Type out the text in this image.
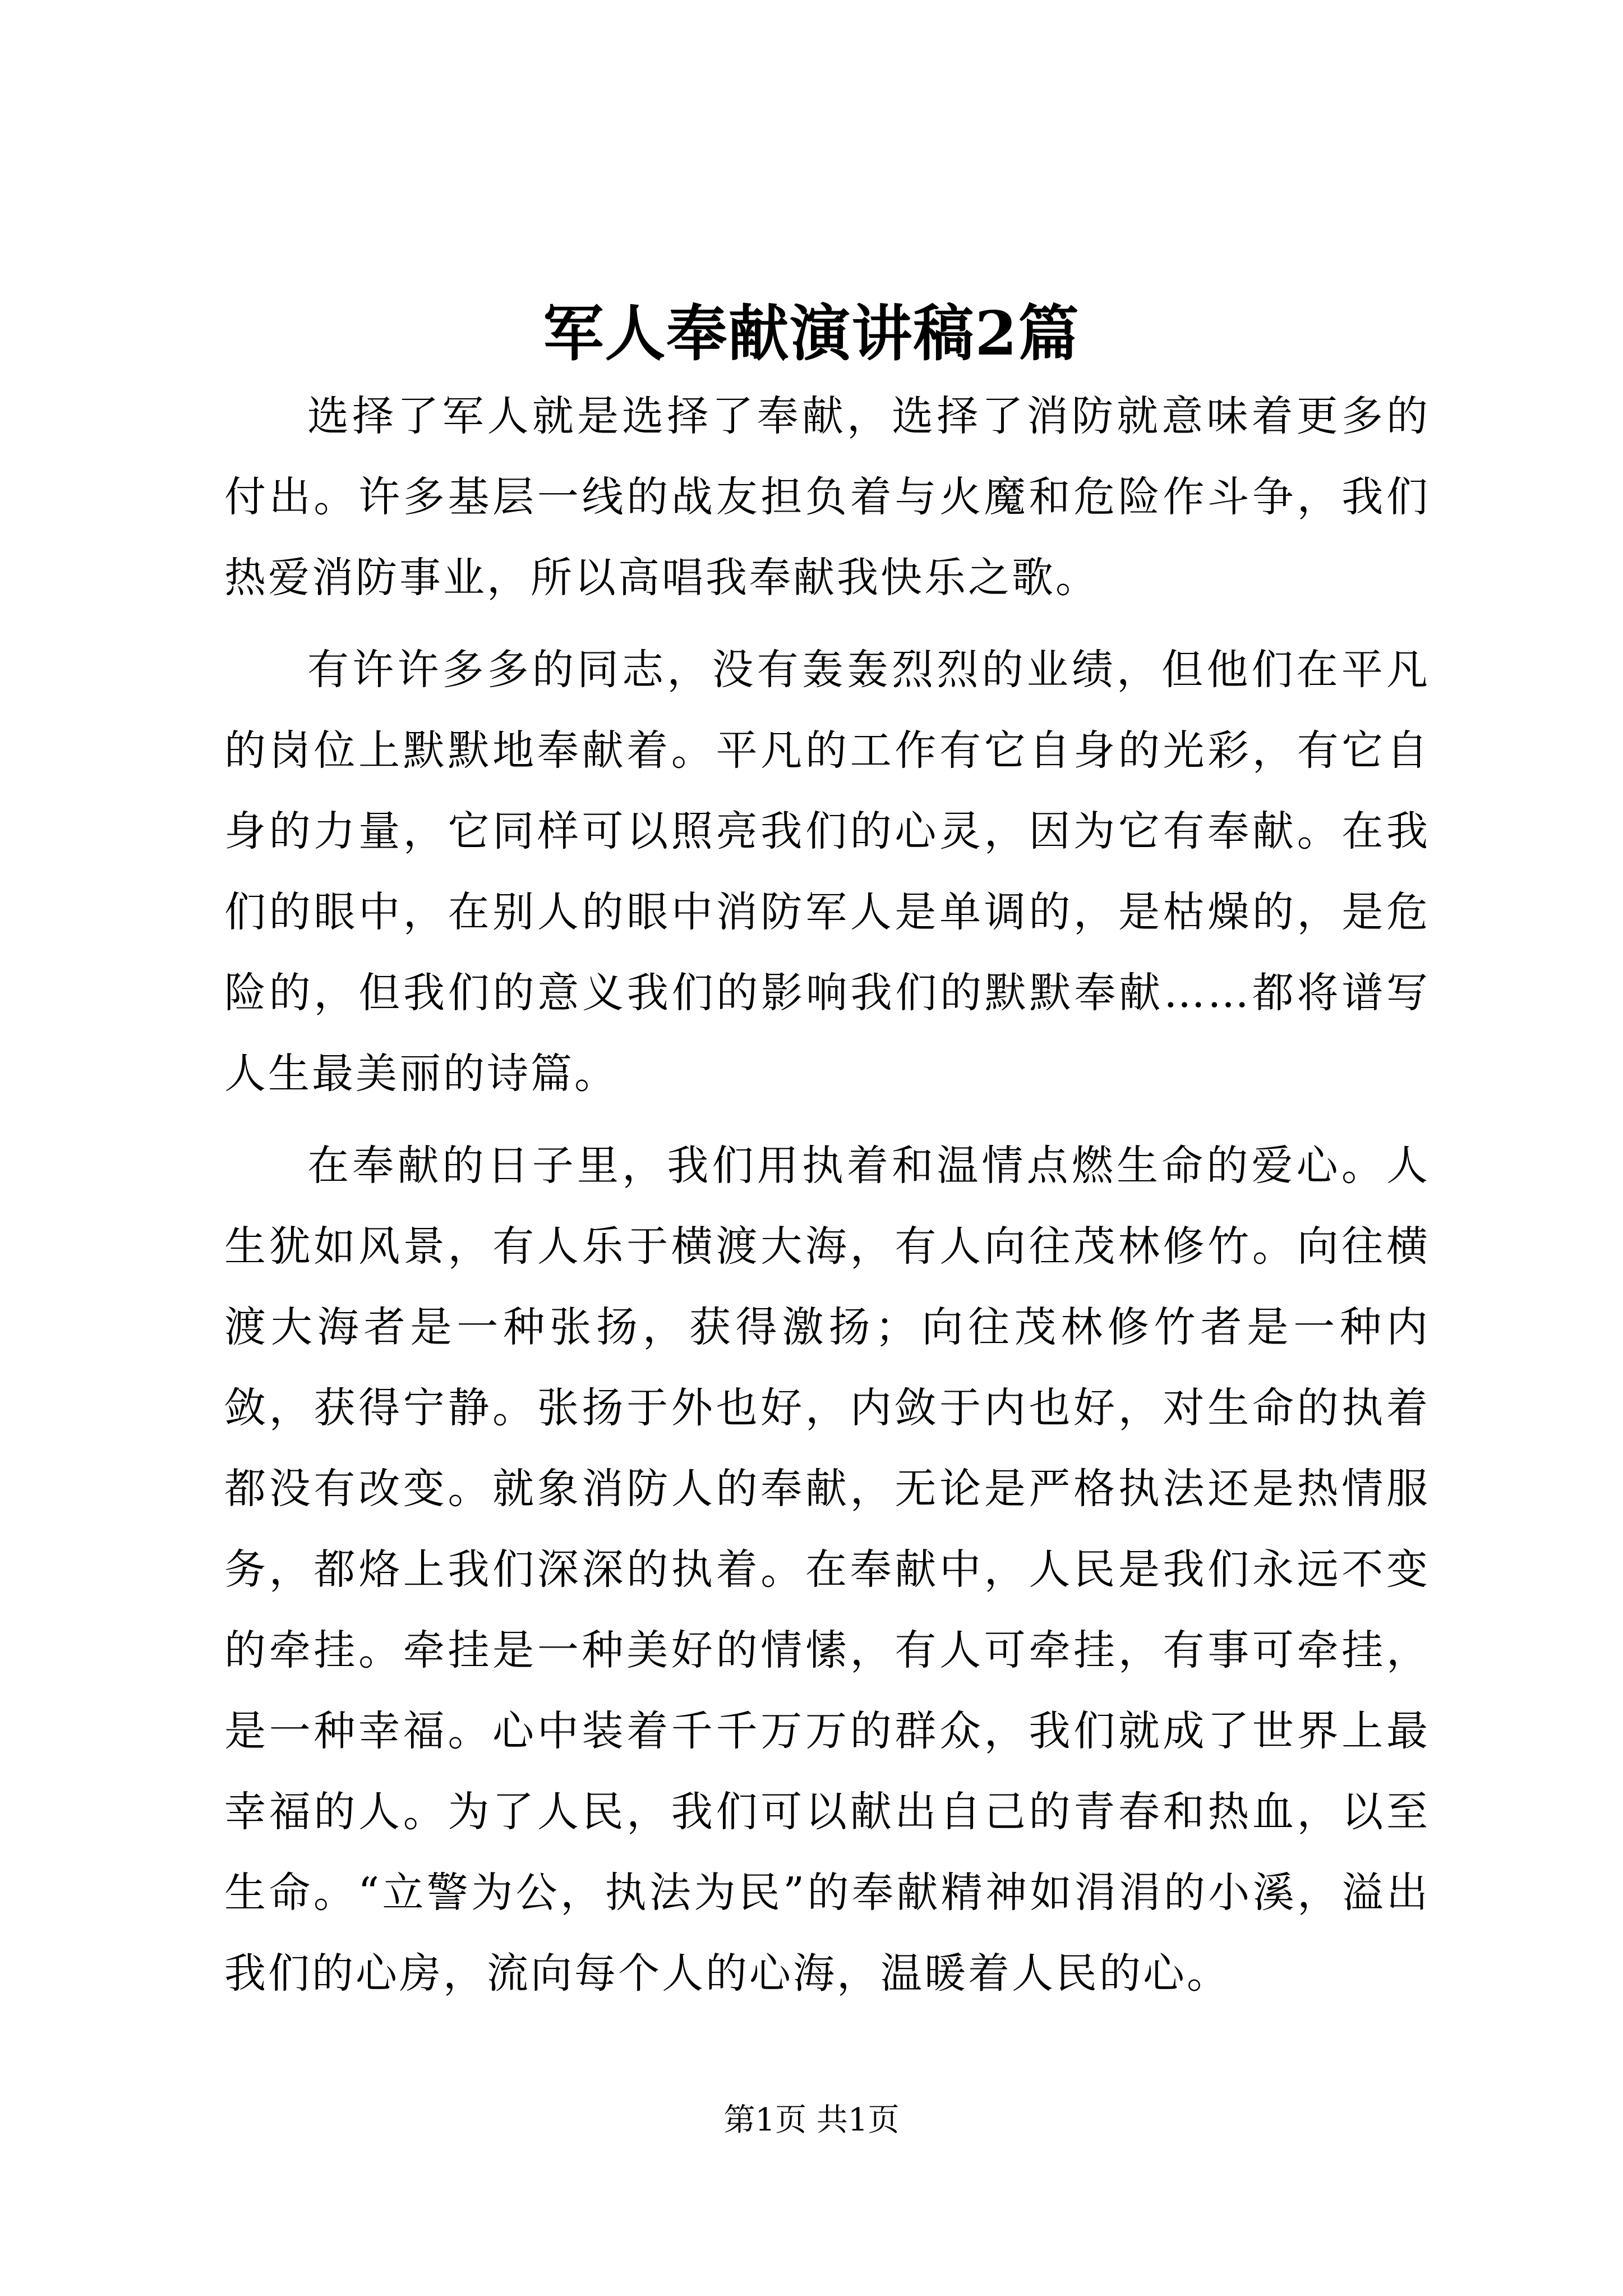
军人奉献演讲稿2篇

选择了军人就是选择了奉献，选择了消防就意味着更多的付出。许多基层一线的战友担负着与火魔和危险作斗争，我们热爱消防事业，所以高唱我奉献我快乐之歌。

有许许多多的同志，没有轰轰烈烈的业绩，但他们在平凡的岗位上默默地奉献着。平凡的工作有它自身的光彩，有它自身的力量，它同样可以照亮我们的心灵，因为它有奉献。在我们的眼中，在别人的眼中消防军人是单调的，是枯燥的，是危险的，但我们的意义我们的影响我们的默默奉献……都将谱写人生最美丽的诗篇。

在奉献的日子里，我们用执着和温情点燃生命的爱心。人生犹如风景，有人乐于横渡大海，有人向往茂林修竹。向往横渡大海者是一种张扬，获得激扬；向往茂林修竹者是一种内敛，获得宁静。张扬于外也好，内敛于内也好，对生命的执着都没有改变。就象消防人的奉献，无论是严格执法还是热情服务，都烙上我们深深的执着。在奉献中，人民是我们永远不变的牵挂。牵挂是一种美好的情愫，有人可牵挂，有事可牵挂，是一种幸福。心中装着千千万万的群众，我们就成了世界上最幸福的人。为了人民，我们可以献出自己的青春和热血，以至生命。“立警为公，执法为民”的奉献精神如涓涓的小溪，溢出我们的心房，流向每个人的心海，温暖着人民的心。

第1页 共1页
